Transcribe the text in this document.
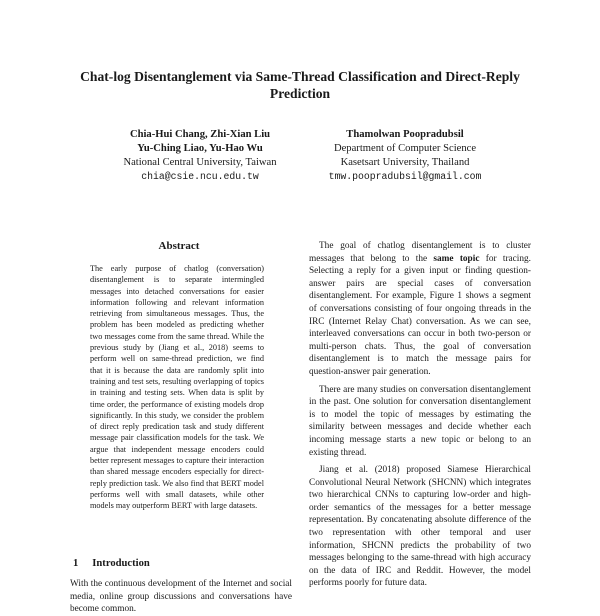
Chat-log Disentanglement via Same-Thread Classification and Direct-Reply Prediction
Chia-Hui Chang, Zhi-Xian Liu
Yu-Ching Liao, Yu-Hao Wu
National Central University, Taiwan
chia@csie.ncu.edu.tw
Thamolwan Poopradubsil
Department of Computer Science
Kasetsart University, Thailand
tmw.poopradubsil@gmail.com
Abstract
The early purpose of chatlog (conversation) disentanglement is to separate intermingled messages into detached conversations for easier information following and relevant information retrieving from simultaneous messages. Thus, the problem has been modeled as predicting whether two messages come from the same thread. While the previous study by (Jiang et al., 2018) seems to perform well on same-thread prediction, we find that it is because the data are randomly split into training and test sets, resulting overlapping of topics in training and testing sets. When data is split by time order, the performance of existing models drop significantly. In this study, we consider the problem of direct reply predication task and study different message pair classification models for the task. We argue that independent message encoders could better represent messages to capture their interaction than shared message encoders especially for direct-reply prediction task. We also find that BERT model performs well with small datasets, while other models may outperform BERT with large datasets.
1 Introduction
With the continuous development of the Internet and social media, online group discussions and conversations have become common.

The goal of chatlog disentanglement is to cluster messages that belong to the same topic for tracing. Selecting a reply for a given input or finding question-answer pairs are special cases of conversation disentanglement. For example, Figure 1 shows a segment of conversations consisting of four ongoing threads in the IRC (Internet Relay Chat) conversation. As we can see, interleaved conversations can occur in both two-person or multi-person chats. Thus, the goal of conversation disentanglement is to match the message pairs for question-answer pair generation.

There are many studies on conversation disentanglement in the past. One solution for conversation disentanglement is to model the topic of messages by estimating the similarity between messages and decide whether each incoming message starts a new topic or belong to an existing thread.

Jiang et al. (2018) proposed Siamese Hierarchical Convolutional Neural Network (SHCNN) which integrates two hierarchical CNNs to capturing low-order and high-order semantics of the messages for a better message representation. By concatenating absolute difference of the two representation with other temporal and user information, SHCNN predicts the probability of two messages belonging to the same-thread with high accuracy on the data of IRC and Reddit. However, the model performs poorly for future data.
